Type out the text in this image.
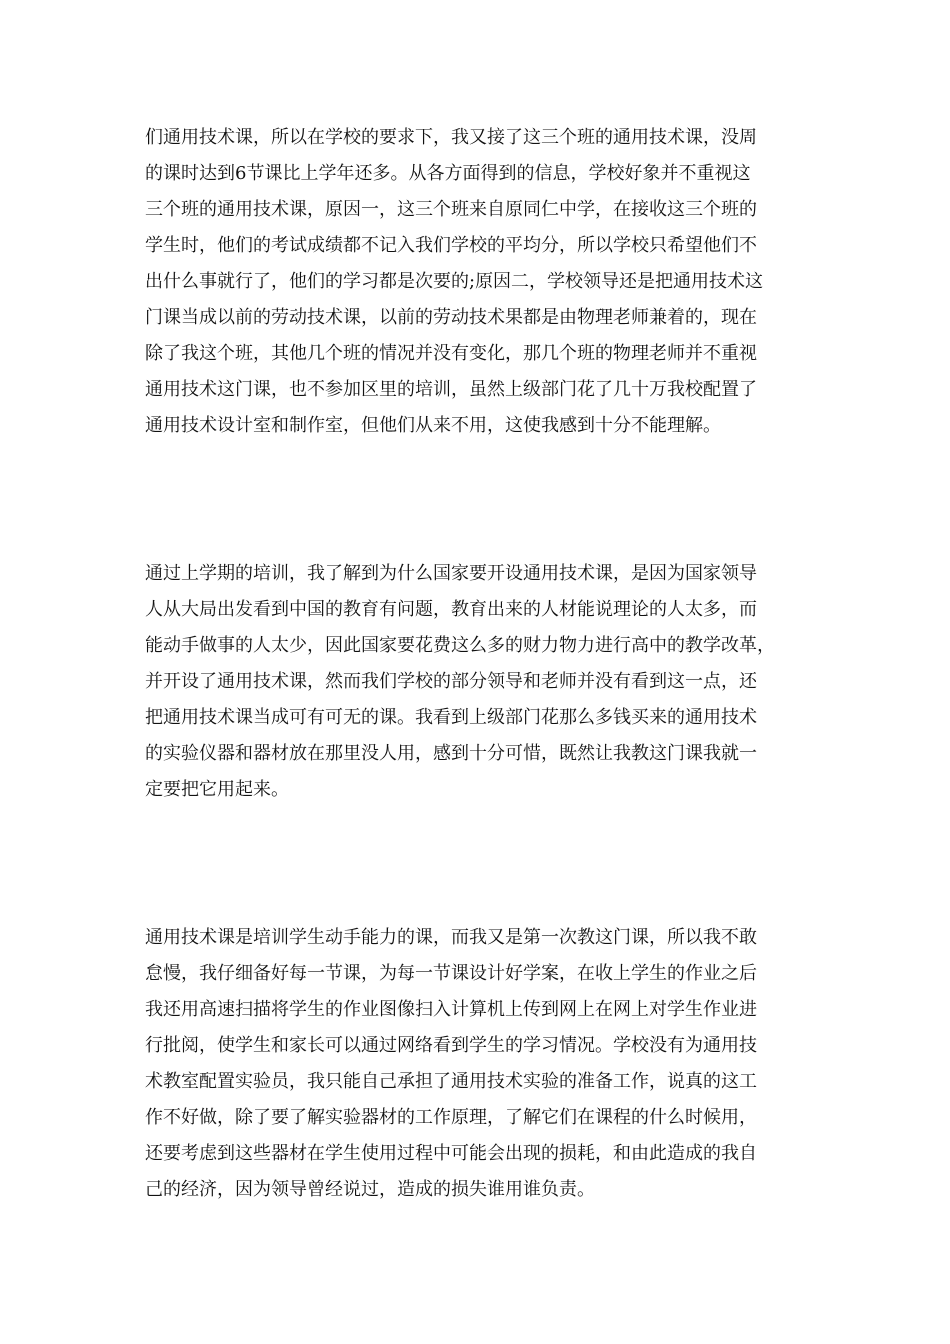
们通用技术课，所以在学校的要求下，我又接了这三个班的通用技术课，没周
的课时达到6节课比上学年还多。从各方面得到的信息，学校好象并不重视这
三个班的通用技术课，原因一，这三个班来自原同仁中学，在接收这三个班的
学生时，他们的考试成绩都不记入我们学校的平均分，所以学校只希望他们不
出什么事就行了，他们的学习都是次要的;原因二，学校领导还是把通用技术这
门课当成以前的劳动技术课，以前的劳动技术果都是由物理老师兼着的，现在
除了我这个班，其他几个班的情况并没有变化，那几个班的物理老师并不重视
通用技术这门课，也不参加区里的培训，虽然上级部门花了几十万我校配置了
通用技术设计室和制作室，但他们从来不用，这使我感到十分不能理解。
通过上学期的培训，我了解到为什么国家要开设通用技术课，是因为国家领导
人从大局出发看到中国的教育有问题，教育出来的人材能说理论的人太多，而
能动手做事的人太少，因此国家要花费这么多的财力物力进行高中的教学改革，
并开设了通用技术课，然而我们学校的部分领导和老师并没有看到这一点，还
把通用技术课当成可有可无的课。我看到上级部门花那么多钱买来的通用技术
的实验仪器和器材放在那里没人用，感到十分可惜，既然让我教这门课我就一
定要把它用起来。
通用技术课是培训学生动手能力的课，而我又是第一次教这门课，所以我不敢
怠慢，我仔细备好每一节课，为每一节课设计好学案，在收上学生的作业之后
我还用高速扫描将学生的作业图像扫入计算机上传到网上在网上对学生作业进
行批阅，使学生和家长可以通过网络看到学生的学习情况。学校没有为通用技
术教室配置实验员，我只能自己承担了通用技术实验的准备工作，说真的这工
作不好做，除了要了解实验器材的工作原理，了解它们在课程的什么时候用，
还要考虑到这些器材在学生使用过程中可能会出现的损耗，和由此造成的我自
己的经济，因为领导曾经说过，造成的损失谁用谁负责。
